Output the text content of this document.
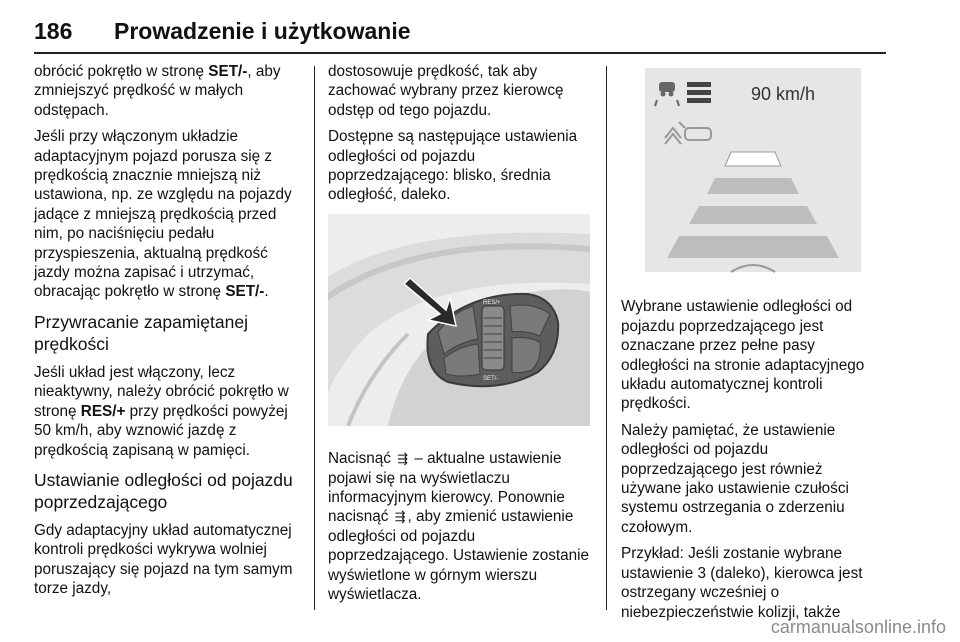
186 Prowadzenie i użytkowanie

obrócić pokrętło w stronę SET/-, aby zmniejszyć prędkość w małych odstępach.

Jeśli przy włączonym układzie adaptacyjnym pojazd porusza się z prędkością znacznie mniejszą niż ustawiona, np. ze względu na pojazdy jadące z mniejszą prędkością przed nim, po naciśnięciu pedału przyspieszenia, aktualną prędkość jazdy można zapisać i utrzymać, obracając pokrętło w stronę SET/-.

Przywracanie zapamiętanej prędkości

Jeśli układ jest włączony, lecz nieaktywny, należy obrócić pokrętło w stronę RES/+ przy prędkości powyżej 50 km/h, aby wznowić jazdę z prędkością zapisaną w pamięci.

Ustawianie odległości od pojazdu poprzedzającego

Gdy adaptacyjny układ automatycznej kontroli prędkości wykrywa wolniej poruszający się pojazd na tym samym torze jazdy,

dostosowuje prędkość, tak aby zachować wybrany przez kierowcę odstęp od tego pojazdu.

Dostępne są następujące ustawienia odległości od pojazdu poprzedzającego: blisko, średnia odległość, daleko.

RES/+
SET/-

Nacisnąć ⇶ – aktualne ustawienie pojawi się na wyświetlaczu informacyjnym kierowcy. Ponownie nacisnąć ⇶ , aby zmienić ustawienie odległości od pojazdu poprzedzającego. Ustawienie zostanie wyświetlone w górnym wierszu wyświetlacza.

90 km/h

Wybrane ustawienie odległości od pojazdu poprzedzającego jest oznaczane przez pełne pasy odległości na stronie adaptacyjnego układu automatycznej kontroli prędkości.

Należy pamiętać, że ustawienie odległości od pojazdu poprzedzającego jest również używane jako ustawienie czułości systemu ostrzegania o zderzeniu czołowym.

Przykład: Jeśli zostanie wybrane ustawienie 3 (daleko), kierowca jest ostrzegany wcześniej o niebezpieczeństwie kolizji, także

carmanualsonline.info
